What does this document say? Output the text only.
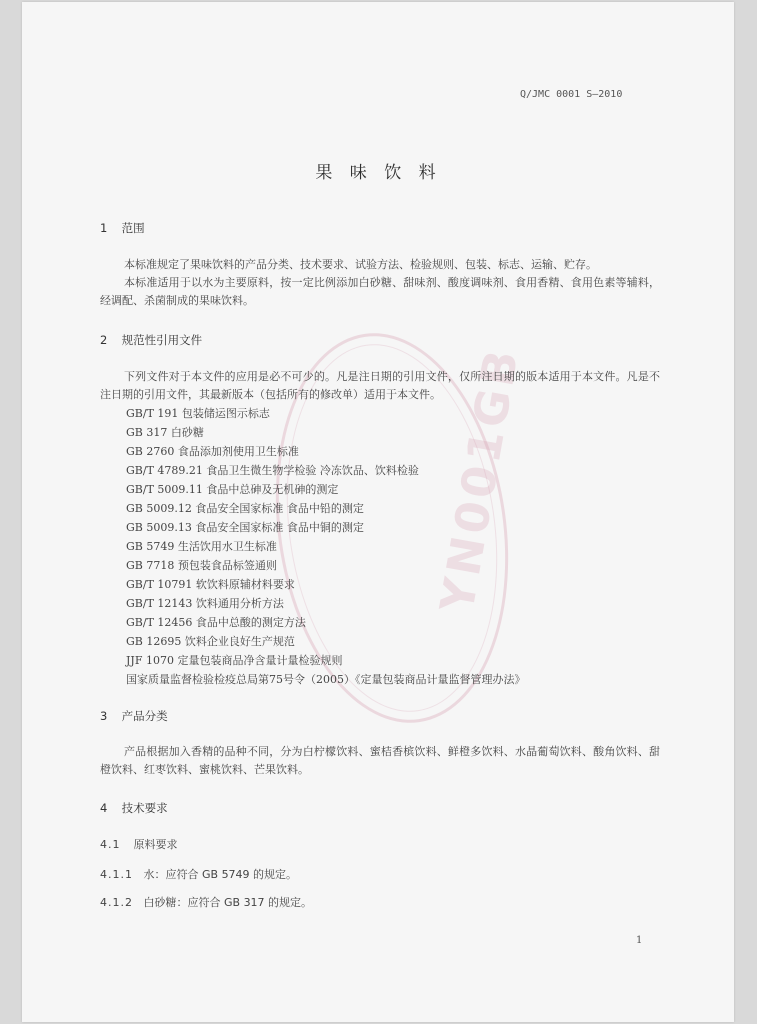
YN001GB
Q/JMC 0001 S—2010
果 味 饮 料
1 范围
本标准规定了果味饮料的产品分类、技术要求、试验方法、检验规则、包装、标志、运输、贮存。
本标准适用于以水为主要原料，按一定比例添加白砂糖、甜味剂、酸度调味剂、食用香精、食用色素等辅料，经调配、杀菌制成的果味饮料。
2 规范性引用文件
下列文件对于本文件的应用是必不可少的。凡是注日期的引用文件，仅所注日期的版本适用于本文件。凡是不注日期的引用文件，其最新版本（包括所有的修改单）适用于本文件。
GB/T 191 包装储运图示标志
GB 317 白砂糖
GB 2760 食品添加剂使用卫生标准
GB/T 4789.21 食品卫生微生物学检验 冷冻饮品、饮料检验
GB/T 5009.11 食品中总砷及无机砷的测定
GB 5009.12 食品安全国家标准 食品中铅的测定
GB 5009.13 食品安全国家标准 食品中铜的测定
GB 5749 生活饮用水卫生标准
GB 7718 预包装食品标签通则
GB/T 10791 软饮料原辅材料要求
GB/T 12143 饮料通用分析方法
GB/T 12456 食品中总酸的测定方法
GB 12695 饮料企业良好生产规范
JJF 1070 定量包装商品净含量计量检验规则
国家质量监督检验检疫总局第75号令（2005）《定量包装商品计量监督管理办法》
3 产品分类
产品根据加入香精的品种不同，分为白柠檬饮料、蜜桔香槟饮料、鲜橙多饮料、水晶葡萄饮料、酸角饮料、甜橙饮料、红枣饮料、蜜桃饮料、芒果饮料。
4 技术要求
4.1 原料要求
4.1.1 水：应符合 GB 5749 的规定。
4.1.2 白砂糖：应符合 GB 317 的规定。
1
